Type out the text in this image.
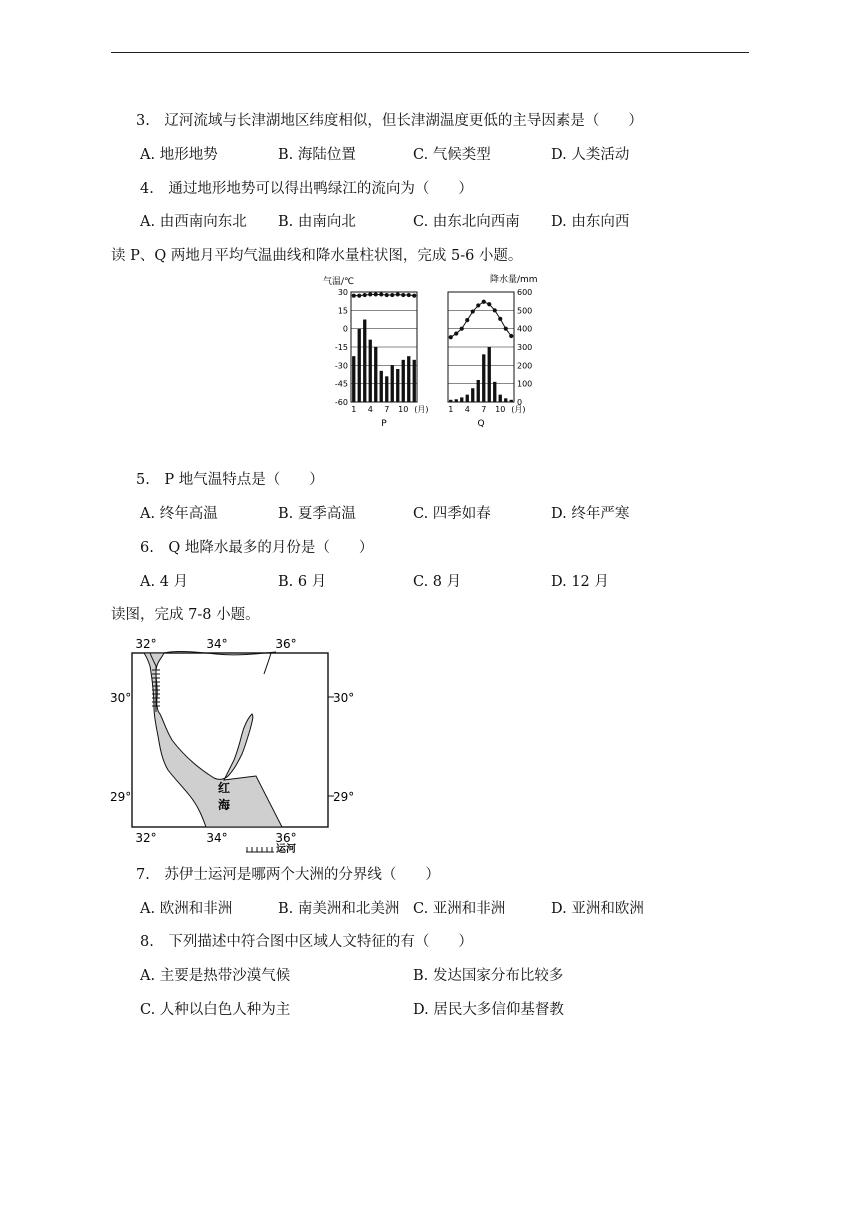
3.　辽河流域与长津湖地区纬度相似，但长津湖温度更低的主导因素是（　　）
A. 地形地势	B. 海陆位置	C. 气候类型	D. 人类活动
4.　通过地形地势可以得出鸭绿江的流向为（　　）
A. 由西南向东北 B. 由南向北	C. 由东北向西南 D. 由东向西
读 P、Q 两地月平均气温曲线和降水量柱状图，完成 5-6 小题。
气温/℃	降水量/mm
30
15
0
-15
-30
-45
-60
1 4 7 10 (月)
P
600
500
400
300
200
100
0
1 4 7 10 (月)
Q
5.　P 地气温特点是（　　）
A. 终年高温	B. 夏季高温	C. 四季如春	D. 终年严寒
6.　Q 地降水最多的月份是（　　）
A. 4 月	B. 6 月	C. 8 月	D. 12 月
读图，完成 7-8 小题。
红
海
32°	34°	36°
32°	34°	36°
30°
29°
30°
29°
运河
7.　苏伊士运河是哪两个大洲的分界线（　　）
A. 欧洲和非洲	B. 南美洲和北美洲 C. 亚洲和非洲	D. 亚洲和欧洲
8.　下列描述中符合图中区域人文特征的有（　　）
A. 主要是热带沙漠气候	B. 发达国家分布比较多
C. 人种以白色人种为主	D. 居民大多信仰基督教
